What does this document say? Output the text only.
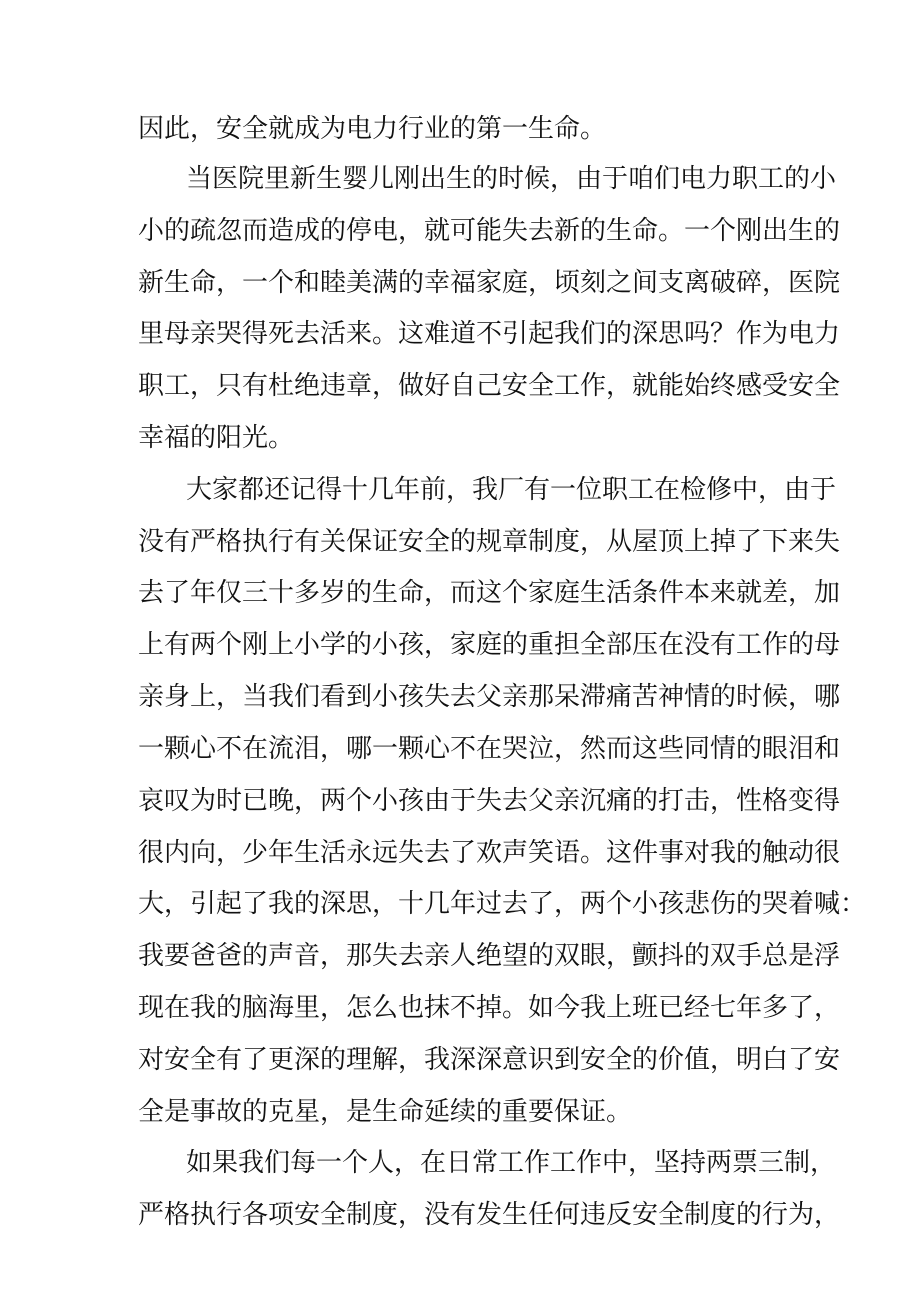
因此，安全就成为电力行业的第一生命。
当医院里新生婴儿刚出生的时候，由于咱们电力职工的小
小的疏忽而造成的停电，就可能失去新的生命。一个刚出生的
新生命，一个和睦美满的幸福家庭，顷刻之间支离破碎，医院
里母亲哭得死去活来。这难道不引起我们的深思吗？作为电力
职工，只有杜绝违章，做好自己安全工作，就能始终感受安全
幸福的阳光。
大家都还记得十几年前，我厂有一位职工在检修中，由于
没有严格执行有关保证安全的规章制度，从屋顶上掉了下来失
去了年仅三十多岁的生命，而这个家庭生活条件本来就差，加
上有两个刚上小学的小孩，家庭的重担全部压在没有工作的母
亲身上，当我们看到小孩失去父亲那呆滞痛苦神情的时候，哪
一颗心不在流泪，哪一颗心不在哭泣，然而这些同情的眼泪和
哀叹为时已晚，两个小孩由于失去父亲沉痛的打击，性格变得
很内向，少年生活永远失去了欢声笑语。这件事对我的触动很
大，引起了我的深思，十几年过去了，两个小孩悲伤的哭着喊：
我要爸爸的声音，那失去亲人绝望的双眼，颤抖的双手总是浮
现在我的脑海里，怎么也抹不掉。如今我上班已经七年多了，
对安全有了更深的理解，我深深意识到安全的价值，明白了安
全是事故的克星，是生命延续的重要保证。
如果我们每一个人，在日常工作工作中，坚持两票三制，
严格执行各项安全制度，没有发生任何违反安全制度的行为，
